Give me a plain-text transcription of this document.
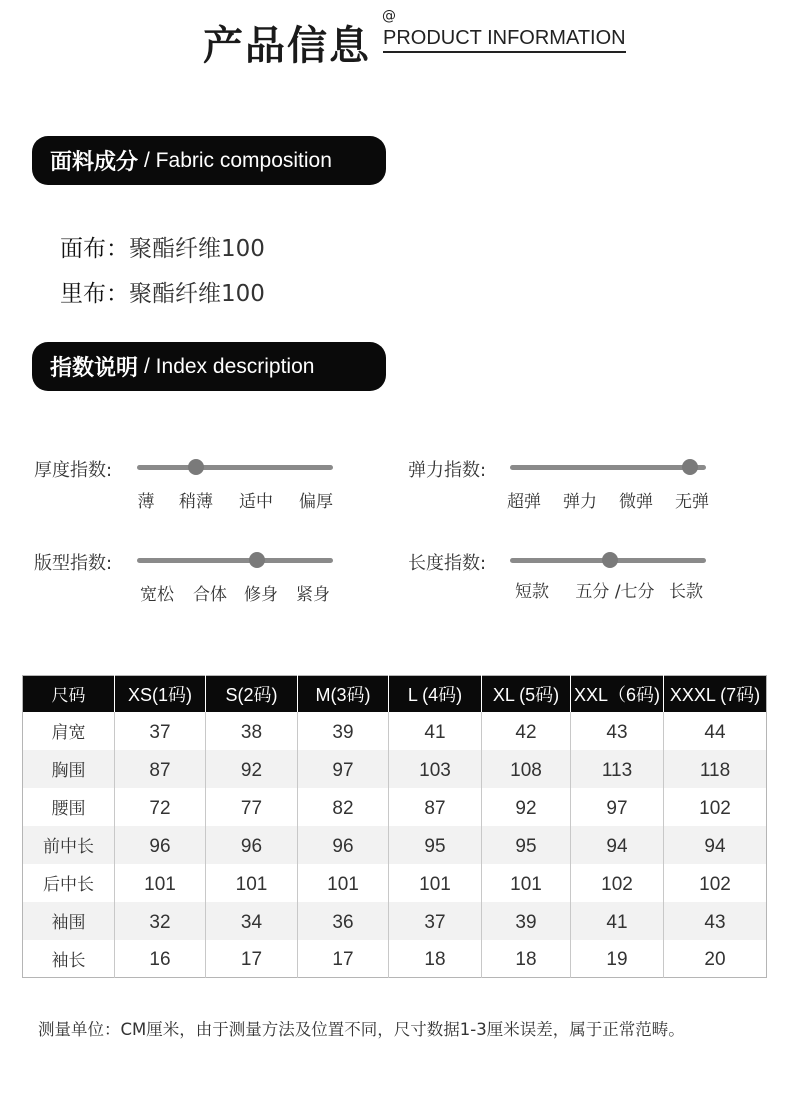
产品信息
@
PRODUCT INFORMATION
面料成分 / Fabric composition
面布：聚酯纤维100
里布：聚酯纤维100
指数说明 / Index description
厚度指数:
薄 稍薄 适中 偏厚
弹力指数:
超弹 弹力 微弹 无弹
版型指数:
宽松 合体 修身 紧身
长度指数:
短款 五分 /七分 长款
尺码	XS(1码)	S(2码)	M(3码)	L (4码)	XL (5码)	XXL（6码)	XXXL (7码)
肩宽	37	38	39	41	42	43	44
胸围	87	92	97	103	108	113	118
腰围	72	77	82	87	92	97	102
前中长	96	96	96	95	95	94	94
后中长	101	101	101	101	101	102	102
袖围	32	34	36	37	39	41	43
袖长	16	17	17	18	18	19	20
测量单位：CM厘米，由于测量方法及位置不同，尺寸数据1-3厘米误差，属于正常范畴。
